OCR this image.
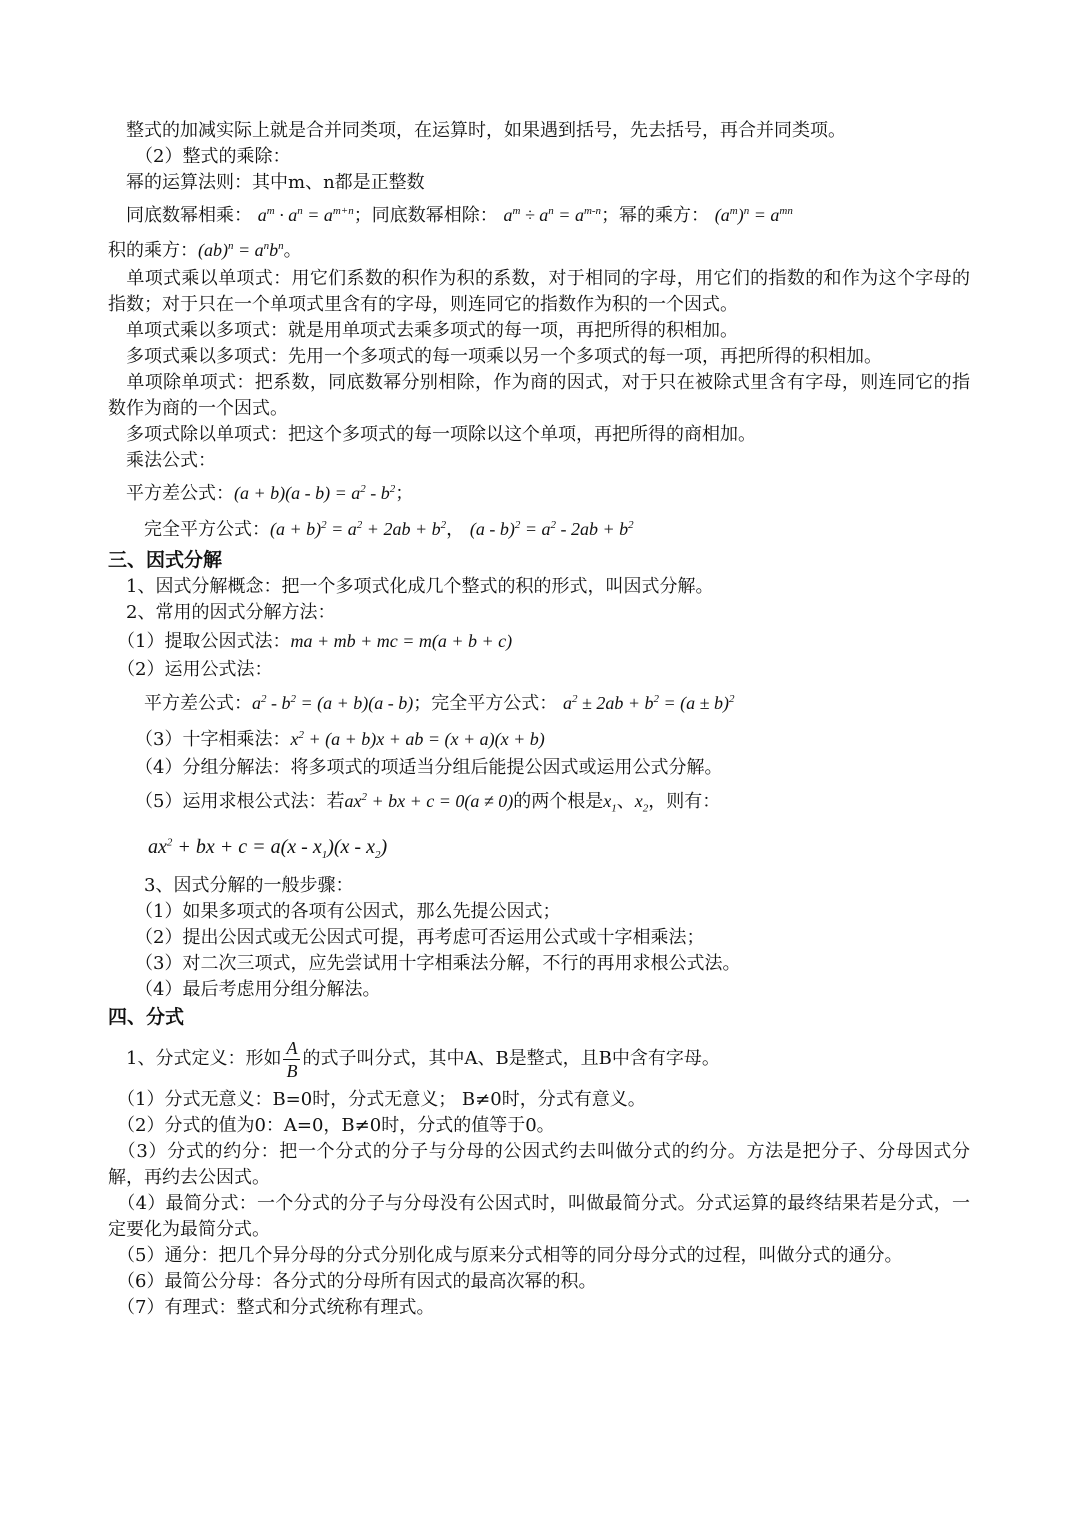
　整式的加减实际上就是合并同类项，在运算时，如果遇到括号，先去括号，再合并同类项。

　　（2）整式的乘除：

　幂的运算法则：其中m、n都是正整数

　同底数幂相乘： $a^m \cdot a^n = a^{m+n}$；同底数幂相除： $a^m \div a^n = a^{m-n}$；幂的乘方： $(a^m)^n = a^{mn}$

积的乘方：$(ab)^n = a^nb^n$。

　单项式乘以单项式：用它们系数的积作为积的系数，对于相同的字母，用它们的指数的和作为这个字母的指数；对于只在一个单项式里含有的字母，则连同它的指数作为积的一个因式。

　单项式乘以多项式：就是用单项式去乘多项式的每一项，再把所得的积相加。

　多项式乘以多项式：先用一个多项式的每一项乘以另一个多项式的每一项，再把所得的积相加。

　单项除单项式：把系数，同底数幂分别相除，作为商的因式，对于只在被除式里含有字母，则连同它的指数作为商的一个因式。

　多项式除以单项式：把这个多项式的每一项除以这个单项，再把所得的商相加。

　乘法公式：

　平方差公式：$(a + b)(a - b) = a^2 - b^2$；

　　完全平方公式：$(a + b)^2 = a^2 + 2ab + b^2$， $(a - b)^2 = a^2 - 2ab + b^2$

三、因式分解

　1、因式分解概念：把一个多项式化成几个整式的积的形式，叫因式分解。

　2、常用的因式分解方法：

　（1）提取公因式法：ma + mb + mc = m(a + b + c)

　（2）运用公式法：

　　平方差公式：$a^2 - b^2 = (a + b)(a - b)$；完全平方公式： $a^2 \pm 2ab + b^2 = (a \pm b)^2$

　　（3）十字相乘法：$x^2 + (a + b)x$ + ab = (x + a)(x + b)

　　（4）分组分解法：将多项式的项适当分组后能提公因式或运用公式分解。

　　（5）运用求根公式法：若$ax^2$ + bx + c = 0(a ≠ 0)的两个根是$x_1$、$x_2$，则有：

$ax^2$ + bx + $c = a(x - x_1)(x - x_2)$

　　3、因式分解的一般步骤：

　　（1）如果多项式的各项有公因式，那么先提公因式；

　　（2）提出公因式或无公因式可提，再考虑可否运用公式或十字相乘法；

　　（3）对二次三项式，应先尝试用十字相乘法分解，不行的再用求根公式法。

　　（4）最后考虑用分组分解法。

四、分式

　1、分式定义：形如 $\frac{A}{B}$ 的式子叫分式，其中A、B是整式，且B中含有字母。

　（1）分式无意义：B=0时，分式无意义； B≠0时，分式有意义。

　（2）分式的值为0：A=0，B≠0时，分式的值等于0。

　（3）分式的约分：把一个分式的分子与分母的公因式约去叫做分式的约分。方法是把分子、分母因式分解，再约去公因式。

　（4）最简分式：一个分式的分子与分母没有公因式时，叫做最简分式。分式运算的最终结果若是分式，一定要化为最简分式。

　（5）通分：把几个异分母的分式分别化成与原来分式相等的同分母分式的过程，叫做分式的通分。

　（6）最简公分母：各分式的分母所有因式的最高次幂的积。

　（7）有理式：整式和分式统称有理式。
